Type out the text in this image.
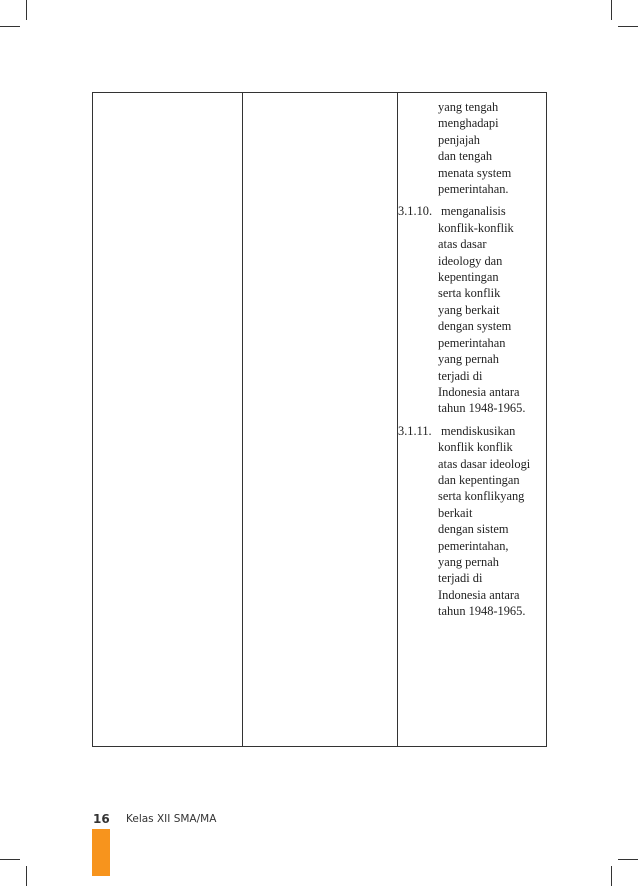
yang tengah
menghadapi
penjajah
dan tengah
menata system
pemerintahan.
3.1.10. menganalisis
konflik-konflik
atas dasar
ideology dan
kepentingan
serta konflik
yang berkait
dengan system
pemerintahan
yang pernah
terjadi di
Indonesia antara
tahun 1948-1965.
3.1.11. mendiskusikan
konflik konflik
atas dasar ideologi
dan kepentingan
serta konflikyang
berkait
dengan sistem
pemerintahan,
yang pernah
terjadi di
Indonesia antara
tahun 1948-1965.
16 Kelas XII SMA/MA
